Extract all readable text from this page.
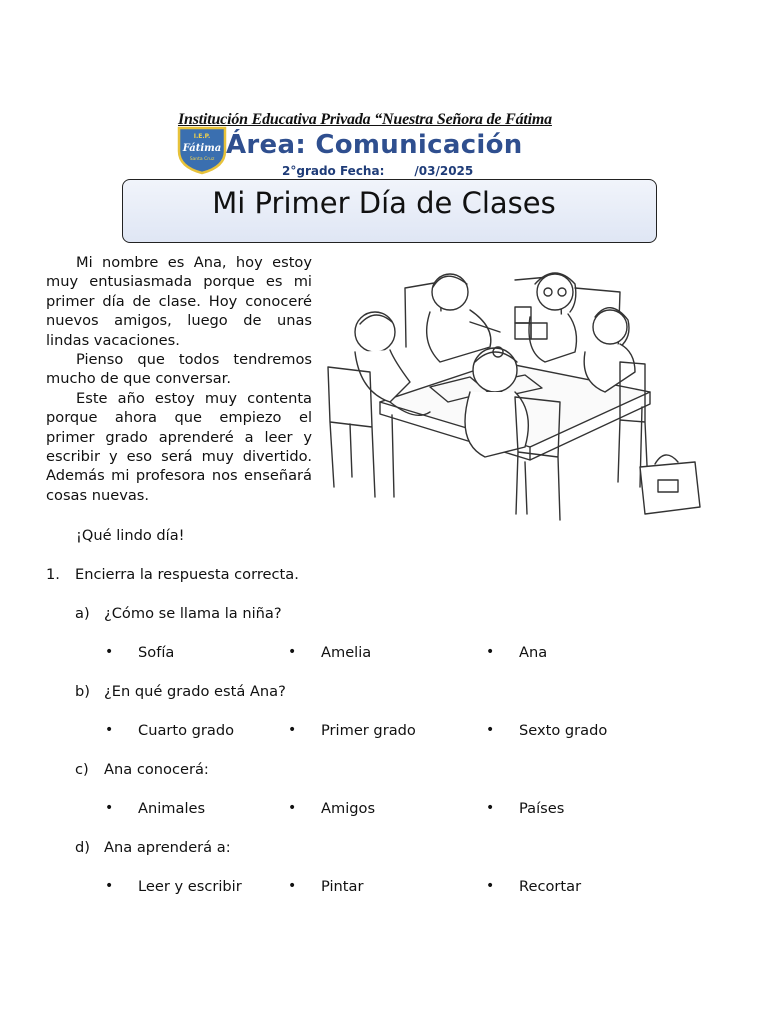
Institución Educativa Privada “Nuestra Señora de Fátima
I.E.P.
Fátima
Santa Cruz Área: Comunicación
2°grado Fecha:	/03/2025
Mi Primer Día de Clases

Mi nombre es Ana, hoy estoy muy entusiasmada porque es mi primer día de clase. Hoy conoceré nuevos amigos, luego de unas lindas vacaciones.

Pienso que todos tendremos mucho de que conversar.

Este año estoy muy contenta porque ahora que empiezo el primer grado aprenderé a leer y escribir y eso será muy divertido. Además mi profesora nos enseñará cosas nuevas.

¡Qué lindo día!
1. Encierra la respuesta correcta.
a) ¿Cómo se llama la niña?
• Sofía	• Amelia	• Ana
b) ¿En qué grado está Ana?
• Cuarto grado	• Primer grado	• Sexto grado
c) Ana conocerá:
• Animales	• Amigos	• Países
d) Ana aprenderá a:
• Leer y escribir	• Pintar	• Recortar
